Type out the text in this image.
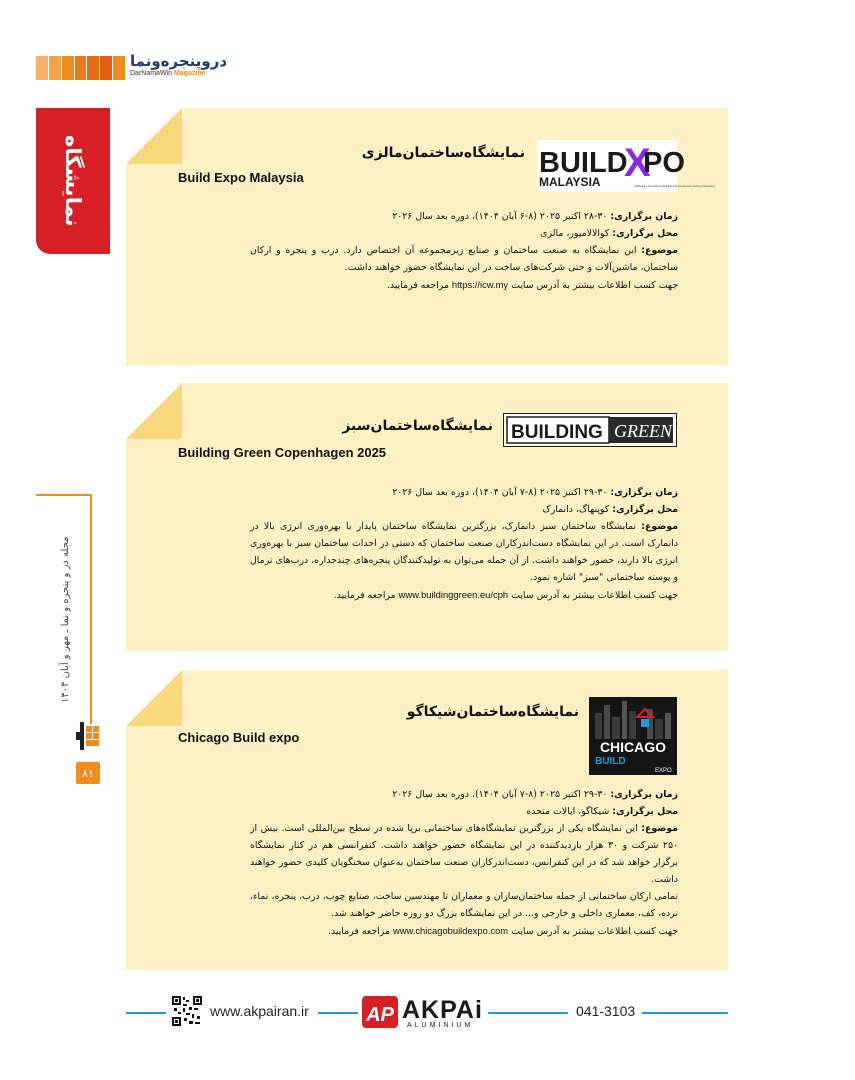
دروپنجره‌ونما
DarNamaWin Magazine
نمایشگاه
مجله در و پنجره و نما ـ مهر و آبان ۱۴۰۴
۸۱
BUILD
X
PO
MALAYSIA	Malaysia's International Building and Construction Industry Showcase
نمایشگاه‌ساختمان‌مالزی
Build Expo Malaysia

زمان برگزاری: ۳۰-۲۸ اکتبر ۲۰۲۵ (۸-۶ آبان ۱۴۰۴)، دوره بعد سال ۲۰۲۶

محل برگزاری: کوالالامپور، مالزی

موضوع: این نمایشگاه به صنعت ساختمان و صنایع زیرمجموعه آن اختصاص دارد. درب و پنجره و ارکان ساختمان، ماشین‌آلات و حتی شرکت‌های ساخت در این نمایشگاه حضور خواهند داشت.

جهت کسب اطلاعات بیشتر به آدرس سایت https://icw.my مراجعه فرمایید.

BUILDING GREEN
نمایشگاه‌ساختمان‌سبز
Building Green Copenhagen 2025

زمان برگزاری: ۳۰-۲۹ اکتبر ۲۰۲۵ (۸-۷ آبان ۱۴۰۴)، دوره بعد سال ۲۰۲۶

محل برگزاری: کوپنهاگ، دانمارک

موضوع: نمایشگاه ساختمان سبز دانمارک، بزرگترین نمایشگاه ساختمان پایدار با بهره‌وری انرژی بالا در دانمارک است. در این نمایشگاه دست‌اندرکاران صنعت ساختمان که دستی در احداث ساختمان سبز با بهره‌وری انرژی بالا دارند، حضور خواهند داشت. از آن جمله می‌توان به تولیدکنندگان پنجره‌های چندجداره، درب‌های ترمال و پوسته ساختمانی "سبز" اشاره نمود.

جهت کسب اطلاعات بیشتر به آدرس سایت www.buildinggreen.eu/cph مراجعه فرمایید.

CHICAGO
BUILD
EXPO
نمایشگاه‌ساختمان‌شیکاگو
Chicago Build expo

زمان برگزاری: ۳۰-۲۹ اکتبر ۲۰۲۵ (۸-۷ آبان ۱۴۰۴)، دوره بعد سال ۲۰۲۶

محل برگزاری: شیکاگو، ایالات متحده

موضوع: این نمایشگاه یکی از بزرگترین نمایشگاه‌های ساختمانی برپا شده در سطح بین‌المللی است. بیش از ۲۵۰ شرکت و ۳۰ هزار بازدیدکننده در این نمایشگاه حضور خواهند داشت. کنفرانسی هم در کنار نمایشگاه برگزار خواهد شد که در این کنفرانس، دست‌اندرکاران صنعت ساختمان به‌عنوان سخنگویان کلیدی حضور خواهند داشت.

تمامی ارکان ساختمانی از جمله ساختمان‌سازان و معماران تا مهندسین ساخت، صنایع چوب، درب، پنجره، نماء، نرده، کف، معماری داخلی و خارجی و... در این نمایشگاه بزرگ دو روزه حاضر خواهند شد.

جهت کسب اطلاعات بیشتر به آدرس سایت www.chicagobuildexpo.com مراجعه فرمایید.

www.akpairan.ir	AP AKPAi
ALUMINIUM
041-3103
